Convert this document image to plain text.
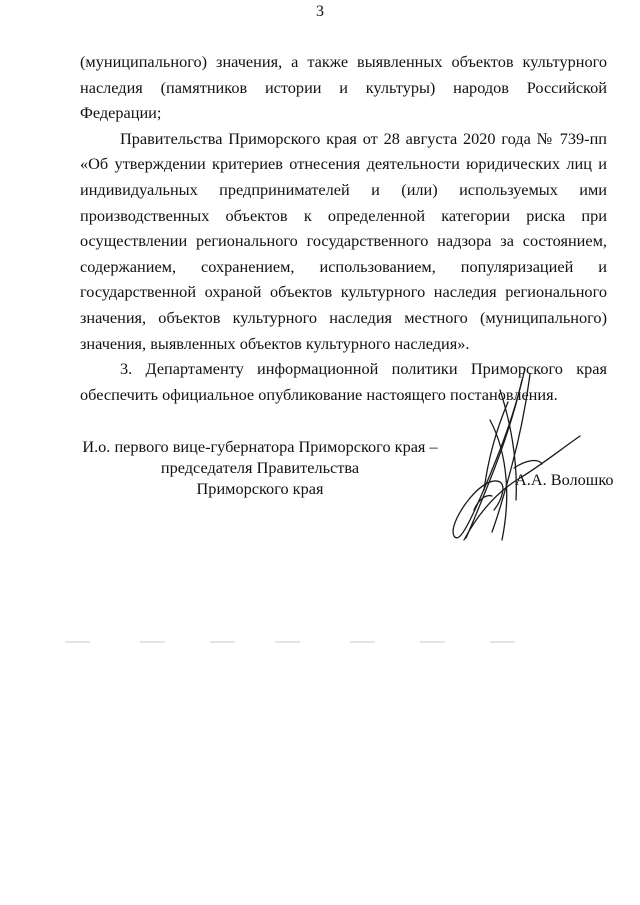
3

(муниципального) значения, а также выявленных объектов культурного наследия (памятников истории и культуры) народов Российской Федерации;

Правительства Приморского края от 28 августа 2020 года № 739-пп «Об утверждении критериев отнесения деятельности юридических лиц и индивидуальных предпринимателей и (или) используемых ими производственных объектов к определенной категории риска при осуществлении регионального государственного надзора за состоянием, содержанием, сохранением, использованием, популяризацией и государственной охраной объектов культурного наследия регионального значения, объектов культурного наследия местного (муниципального) значения, выявленных объектов культурного наследия».

3. Департаменту информационной политики Приморского края обеспечить официальное опубликование настоящего постановления.

И.о. первого вице-губернатора Приморского края –
председателя Правительства
Приморского края	А.А. Волошко
